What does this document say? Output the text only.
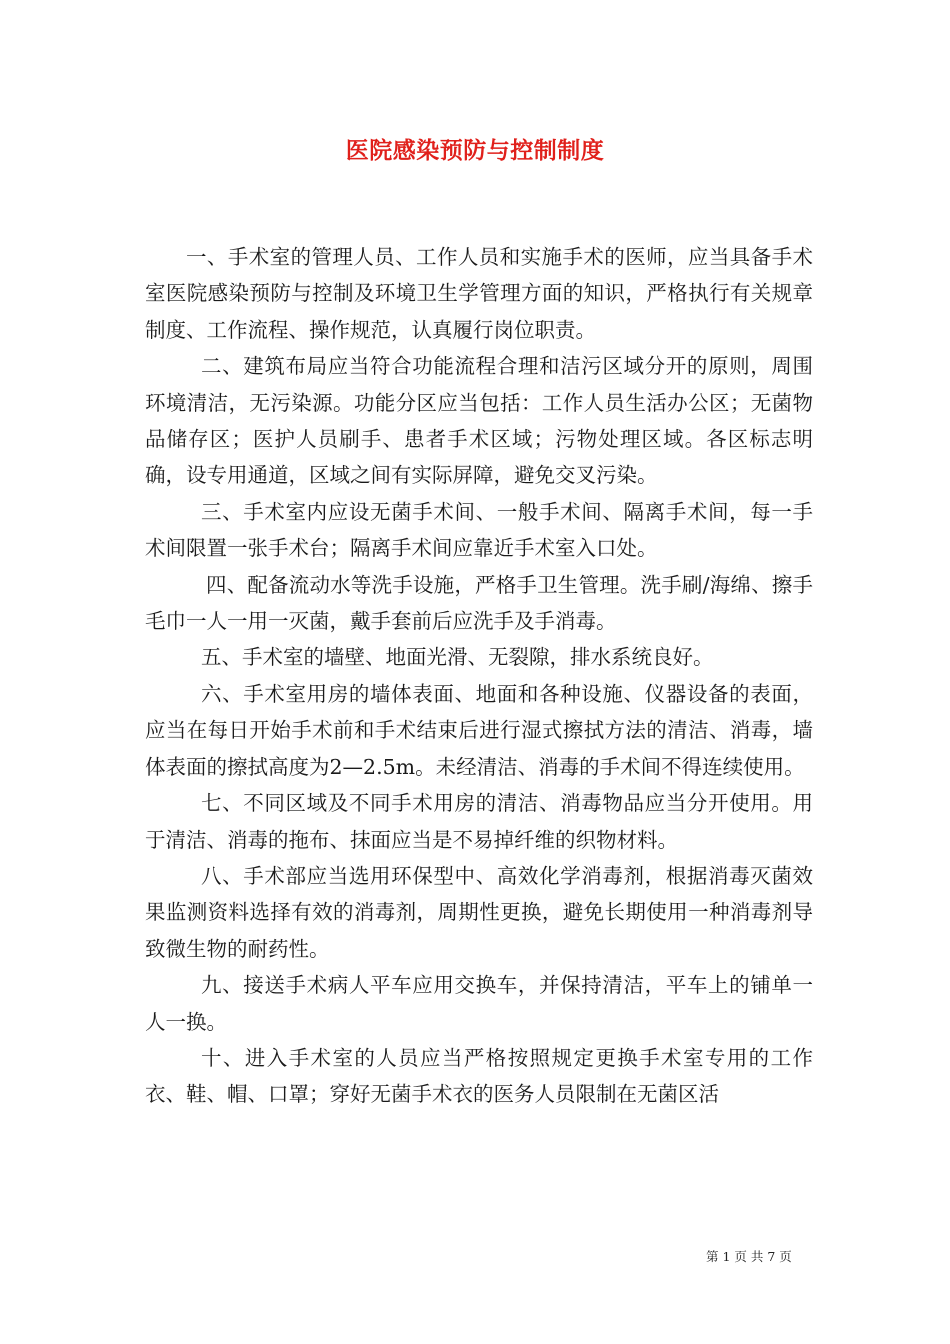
医院感染预防与控制制度

一、手术室的管理人员、工作人员和实施手术的医师，应当具备手术室医院感染预防与控制及环境卫生学管理方面的知识，严格执行有关规章制度、工作流程、操作规范，认真履行岗位职责。

二、建筑布局应当符合功能流程合理和洁污区域分开的原则，周围环境清洁，无污染源。功能分区应当包括：工作人员生活办公区；无菌物品储存区；医护人员刷手、患者手术区域；污物处理区域。各区标志明确，设专用通道，区域之间有实际屏障，避免交叉污染。

三、手术室内应设无菌手术间、一般手术间、隔离手术间，每一手术间限置一张手术台；隔离手术间应靠近手术室入口处。

四、配备流动水等洗手设施，严格手卫生管理。洗手刷/海绵、擦手毛巾一人一用一灭菌，戴手套前后应洗手及手消毒。

五、手术室的墙壁、地面光滑、无裂隙，排水系统良好。

六、手术室用房的墙体表面、地面和各种设施、仪器设备的表面，应当在每日开始手术前和手术结束后进行湿式擦拭方法的清洁、消毒，墙体表面的擦拭高度为2—2.5m。未经清洁、消毒的手术间不得连续使用。

七、不同区域及不同手术用房的清洁、消毒物品应当分开使用。用于清洁、消毒的拖布、抹面应当是不易掉纤维的织物材料。

八、手术部应当选用环保型中、高效化学消毒剂，根据消毒灭菌效果监测资料选择有效的消毒剂，周期性更换，避免长期使用一种消毒剂导致微生物的耐药性。

九、接送手术病人平车应用交换车，并保持清洁，平车上的铺单一人一换。

十、进入手术室的人员应当严格按照规定更换手术室专用的工作衣、鞋、帽、口罩；穿好无菌手术衣的医务人员限制在无菌区活

第 1 页 共 7 页
